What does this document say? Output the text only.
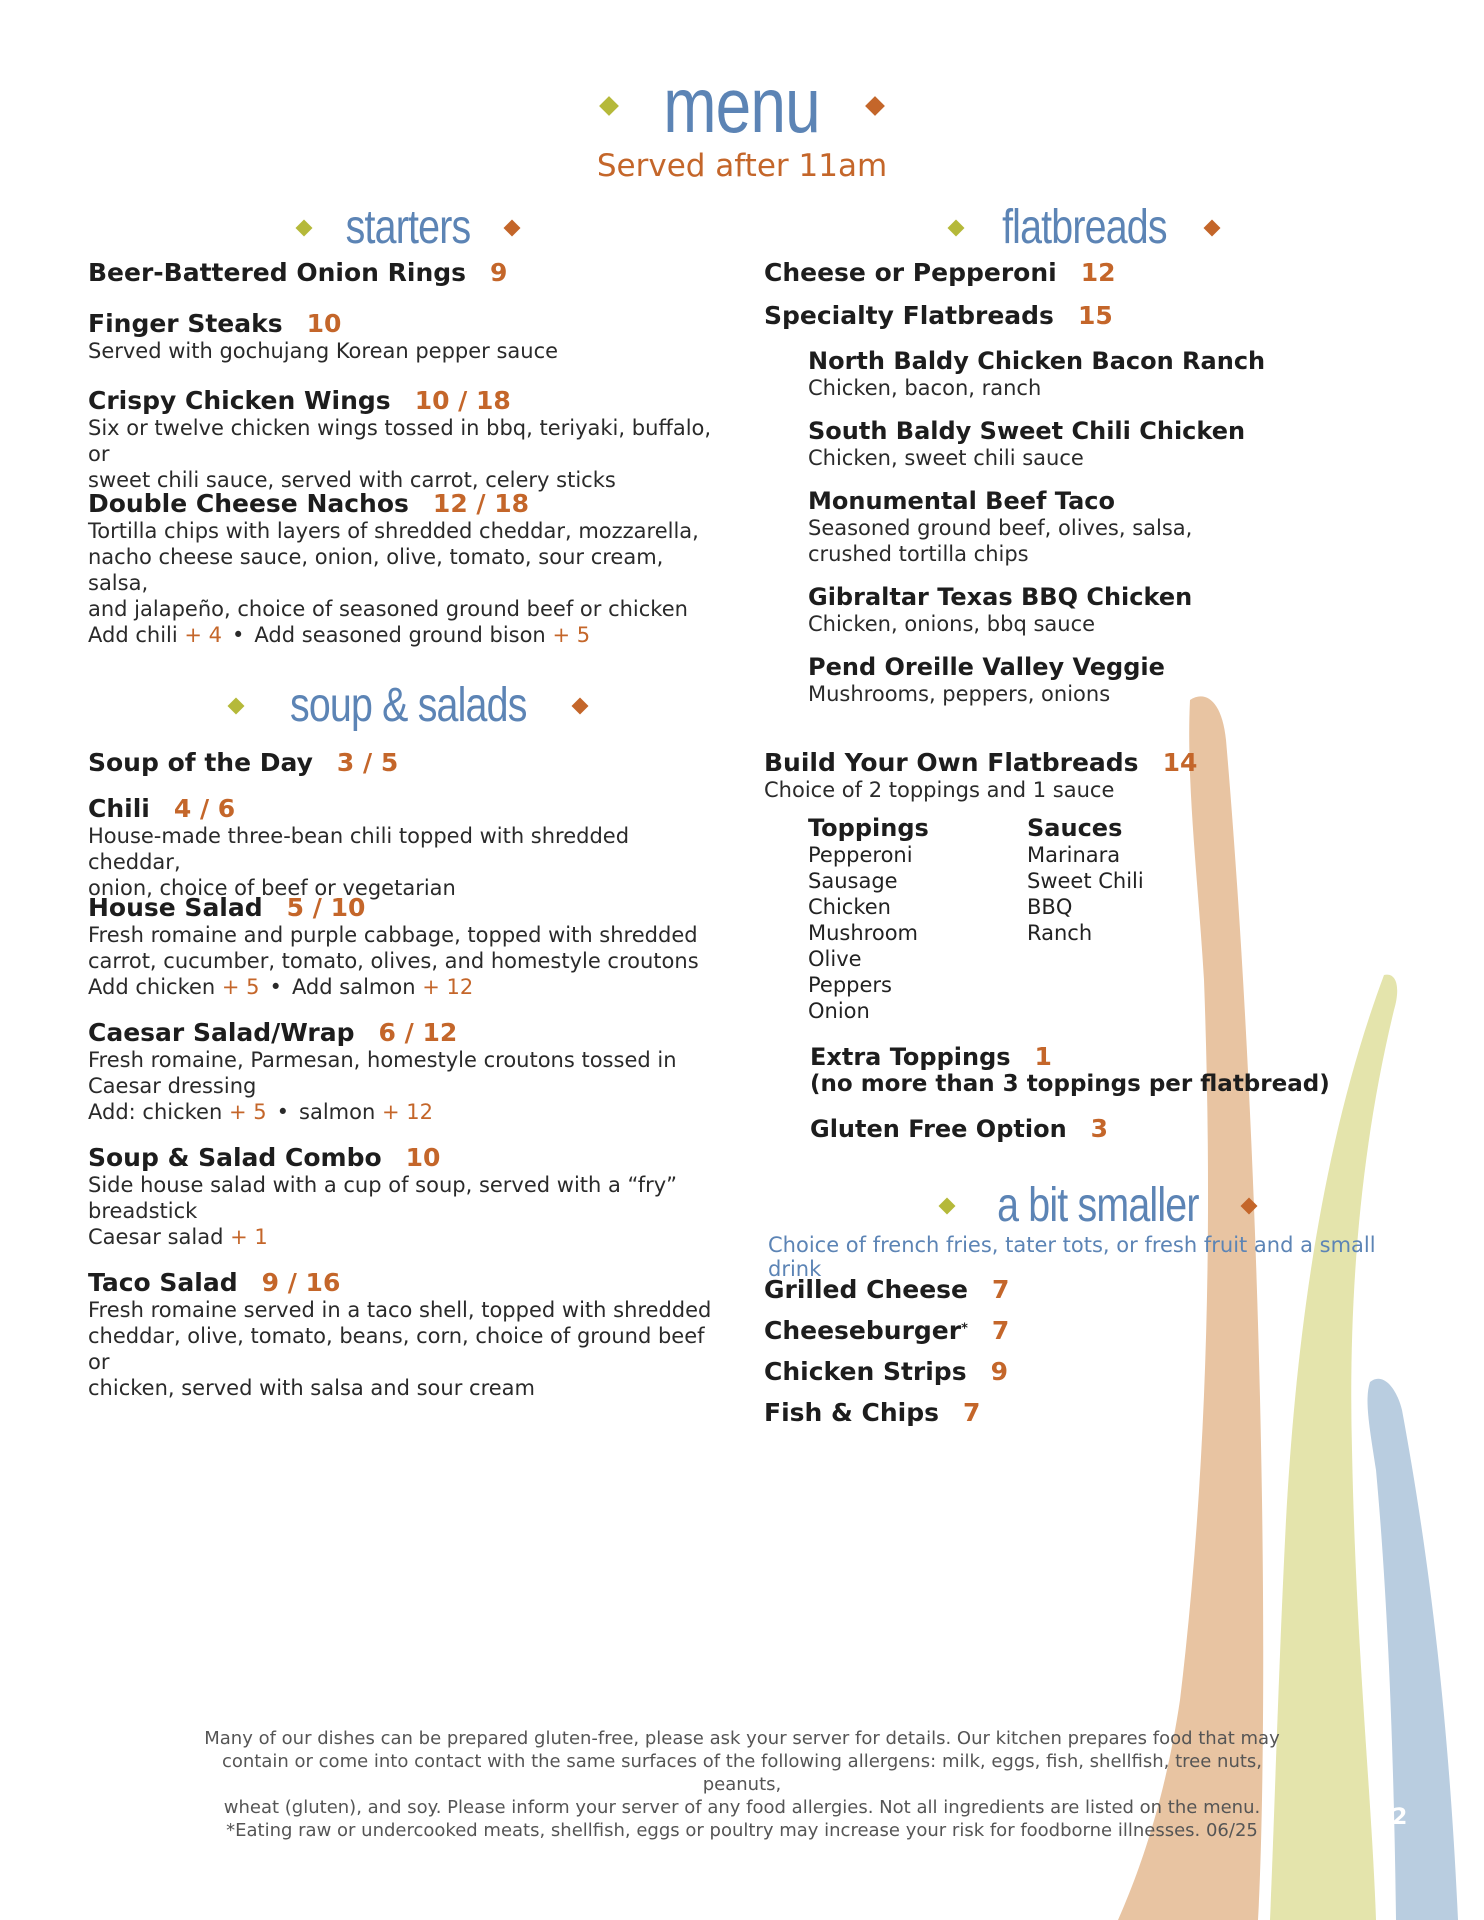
menu
Served after 11am
starters
Beer-Battered Onion Rings 9
Finger Steaks 10
Served with gochujang Korean pepper sauce
Crispy Chicken Wings 10 / 18
Six or twelve chicken wings tossed in bbq, teriyaki, buffalo, or
sweet chili sauce, served with carrot, celery sticks
Double Cheese Nachos 12 / 18
Tortilla chips with layers of shredded cheddar, mozzarella,
nacho cheese sauce, onion, olive, tomato, sour cream, salsa,
and jalapeño, choice of seasoned ground beef or chicken
Add chili + 4 • Add seasoned ground bison + 5
soup & salads
Soup of the Day 3 / 5
Chili 4 / 6
House-made three-bean chili topped with shredded cheddar,
onion, choice of beef or vegetarian
House Salad 5 / 10
Fresh romaine and purple cabbage, topped with shredded
carrot, cucumber, tomato, olives, and homestyle croutons
Add chicken + 5 • Add salmon + 12
Caesar Salad/Wrap 6 / 12
Fresh romaine, Parmesan, homestyle croutons tossed in
Caesar dressing
Add: chicken + 5 • salmon + 12
Soup & Salad Combo 10
Side house salad with a cup of soup, served with a “fry”
breadstick
Caesar salad + 1
Taco Salad 9 / 16
Fresh romaine served in a taco shell, topped with shredded
cheddar, olive, tomato, beans, corn, choice of ground beef or
chicken, served with salsa and sour cream
flatbreads
Cheese or Pepperoni 12
Specialty Flatbreads 15
North Baldy Chicken Bacon Ranch
Chicken, bacon, ranch
South Baldy Sweet Chili Chicken
Chicken, sweet chili sauce
Monumental Beef Taco
Seasoned ground beef, olives, salsa,
crushed tortilla chips
Gibraltar Texas BBQ Chicken
Chicken, onions, bbq sauce
Pend Oreille Valley Veggie
Mushrooms, peppers, onions
Build Your Own Flatbreads 14
Choice of 2 toppings and 1 sauce
Toppings
Pepperoni
Sausage
Chicken
Mushroom
Olive
Peppers
Onion
Sauces
Marinara
Sweet Chili
BBQ
Ranch
Extra Toppings 1
(no more than 3 toppings per flatbread)
Gluten Free Option 3
a bit smaller
Choice of french fries, tater tots, or fresh fruit and a small drink
Grilled Cheese 7
Cheeseburger* 7
Chicken Strips 9
Fish & Chips 7
Many of our dishes can be prepared gluten-free, please ask your server for details. Our kitchen prepares food that may
contain or come into contact with the same surfaces of the following allergens: milk, eggs, fish, shellfish, tree nuts, peanuts,
wheat (gluten), and soy. Please inform your server of any food allergies. Not all ingredients are listed on the menu.
*Eating raw or undercooked meats, shellfish, eggs or poultry may increase your risk for foodborne illnesses. 06/25
2
